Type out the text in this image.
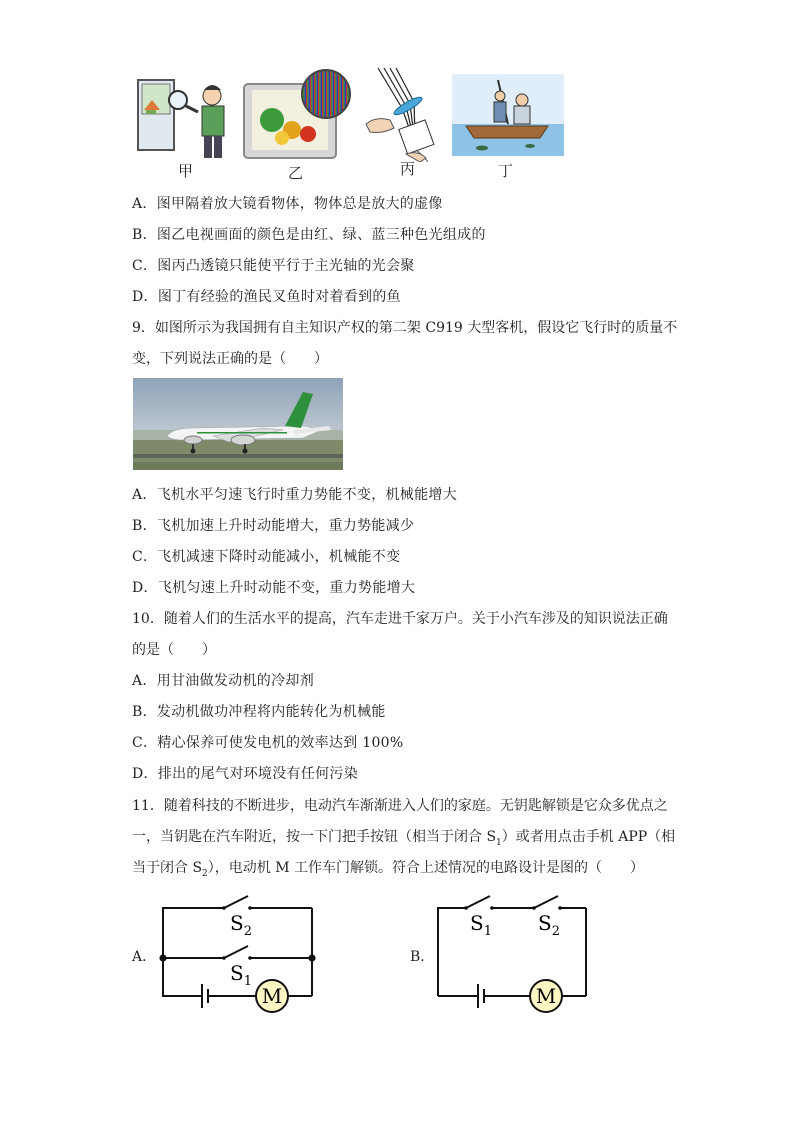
甲	乙	丙	丁
A．图甲隔着放大镜看物体，物体总是放大的虚像
B．图乙电视画面的颜色是由红、绿、蓝三种色光组成的
C．图丙凸透镜只能使平行于主光轴的光会聚
D．图丁有经验的渔民叉鱼时对着看到的鱼
9．如图所示为我国拥有自主知识产权的第二架 C919 大型客机，假设它飞行时的质量不
变，下列说法正确的是（　　）
A．飞机水平匀速飞行时重力势能不变，机械能增大
B．飞机加速上升时动能增大，重力势能减少
C．飞机减速下降时动能减小，机械能不变
D．飞机匀速上升时动能不变，重力势能增大
10．随着人们的生活水平的提高，汽车走进千家万户。关于小汽车涉及的知识说法正确
的是（　　）
A．用甘油做发动机的冷却剂
B．发动机做功冲程将内能转化为机械能
C．精心保养可使发电机的效率达到 100%
D．排出的尾气对环境没有任何污染
11．随着科技的不断进步，电动汽车渐渐进入人们的家庭。无钥匙解锁是它众多优点之
一，当钥匙在汽车附近，按一下门把手按钮（相当于闭合 $S_1$）或者用点击手机 APP（相
当于闭合 $S_2$），电动机 M 工作车门解锁。符合上述情况的电路设计是图的（　　）
A．
M
$S_2$
$S_1$
B．
M
$S_1$ $S_2$
